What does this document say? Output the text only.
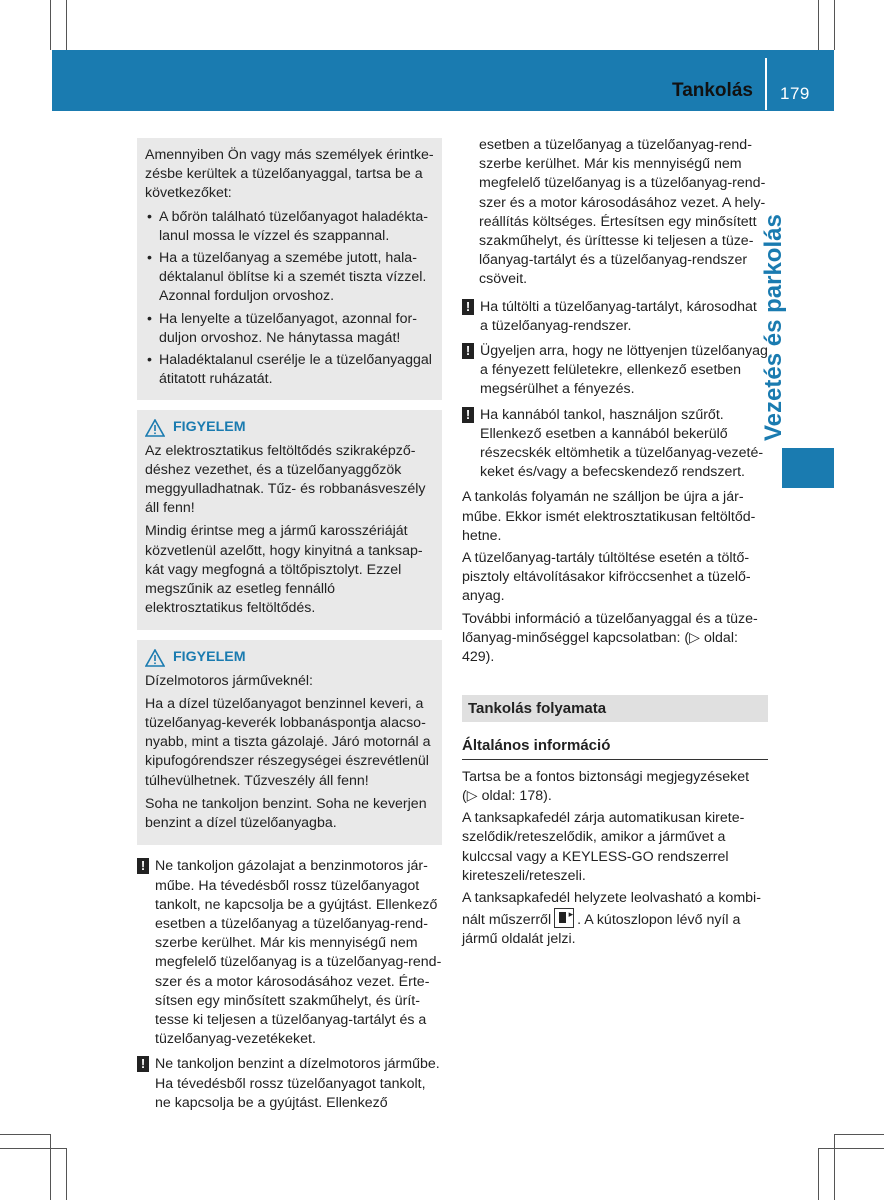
Tankolás 179
Vezetés és parkolás

Amennyiben Ön vagy más személyek érintkezésbe kerültek a tüzelőanyaggal, tartsa be a következőket:

• A bőrön található tüzelőanyagot haladéktalanul mossa le vízzel és szappannal.
• Ha a tüzelőanyag a szemébe jutott, haladéktalanul öblítse ki a szemét tiszta vízzel. Azonnal forduljon orvoshoz.
• Ha lenyelte a tüzelőanyagot, azonnal forduljon orvoshoz. Ne hánytassa magát!
• Haladéktalanul cserélje le a tüzelőanyaggal átitatott ruházatát.
FIGYELEM

Az elektrosztatikus feltöltődés szikraképződéshez vezethet, és a tüzelőanyaggőzök meggyulladhatnak. Tűz- és robbanásveszély áll fenn!

Mindig érintse meg a jármű karosszériáját közvetlenül azelőtt, hogy kinyitná a tanksapkát vagy megfogná a töltőpisztolyt. Ezzel megszűnik az esetleg fennálló elektrosztatikus feltöltődés.

FIGYELEM

Dízelmotoros járműveknél:

Ha a dízel tüzelőanyagot benzinnel keveri, a tüzelőanyag-keverék lobbanáspontja alacsonyabb, mint a tiszta gázolajé. Járó motornál a kipufogórendszer részegységei észrevétlenül túlhevülhetnek. Tűzveszély áll fenn!

Soha ne tankoljon benzint. Soha ne keverjen benzint a dízel tüzelőanyagba.

! Ne tankoljon gázolajat a benzinmotoros járműbe. Ha tévedésből rossz tüzelőanyagot tankolt, ne kapcsolja be a gyújtást. Ellenkező esetben a tüzelőanyag a tüzelőanyag-rendszerbe kerülhet. Már kis mennyiségű nem megfelelő tüzelőanyag is a tüzelőanyag-rendszer és a motor károsodásához vezet. Értesítsen egy minősített szakműhelyt, és üríttesse ki teljesen a tüzelőanyag-tartályt és a tüzelőanyag-vezetékeket.
! Ne tankoljon benzint a dízelmotoros járműbe. Ha tévedésből rossz tüzelőanyagot tankolt, ne kapcsolja be a gyújtást. Ellenkező

esetben a tüzelőanyag a tüzelőanyag-rendszerbe kerülhet. Már kis mennyiségű nem megfelelő tüzelőanyag is a tüzelőanyag-rendszer és a motor károsodásához vezet. A helyreállítás költséges. Értesítsen egy minősített szakműhelyt, és üríttesse ki teljesen a tüzelőanyag-tartályt és a tüzelőanyag-rendszer csöveit.

! Ha túltölti a tüzelőanyag-tartályt, károsodhat a tüzelőanyag-rendszer.
! Ügyeljen arra, hogy ne löttyenjen tüzelőanyag a fényezett felületekre, ellenkező esetben megsérülhet a fényezés.
! Ha kannából tankol, használjon szűrőt. Ellenkező esetben a kannából bekerülő részecskék eltömhetik a tüzelőanyag-vezetékeket és/vagy a befecskendező rendszert.

A tankolás folyamán ne szálljon be újra a járműbe. Ekkor ismét elektrosztatikusan feltöltődhetne.

A tüzelőanyag-tartály túltöltése esetén a töltőpisztoly eltávolításakor kifröccsenhet a tüzelőanyag.

További információ a tüzelőanyaggal és a tüzelőanyag-minőséggel kapcsolatban: (▷ oldal: 429).

Tankolás folyamata
Általános információ

Tartsa be a fontos biztonsági megjegyzéseket (▷ oldal: 178).

A tanksapkafedél zárja automatikusan kireteszelődik/reteszelődik, amikor a járművet a kulccsal vagy a KEYLESS-GO rendszerrel kireteszeli/reteszeli.

A tanksapkafedél helyzete leolvasható a kombinált műszerről▸ . A kútoszlopon lévő nyíl a jármű oldalát jelzi.
